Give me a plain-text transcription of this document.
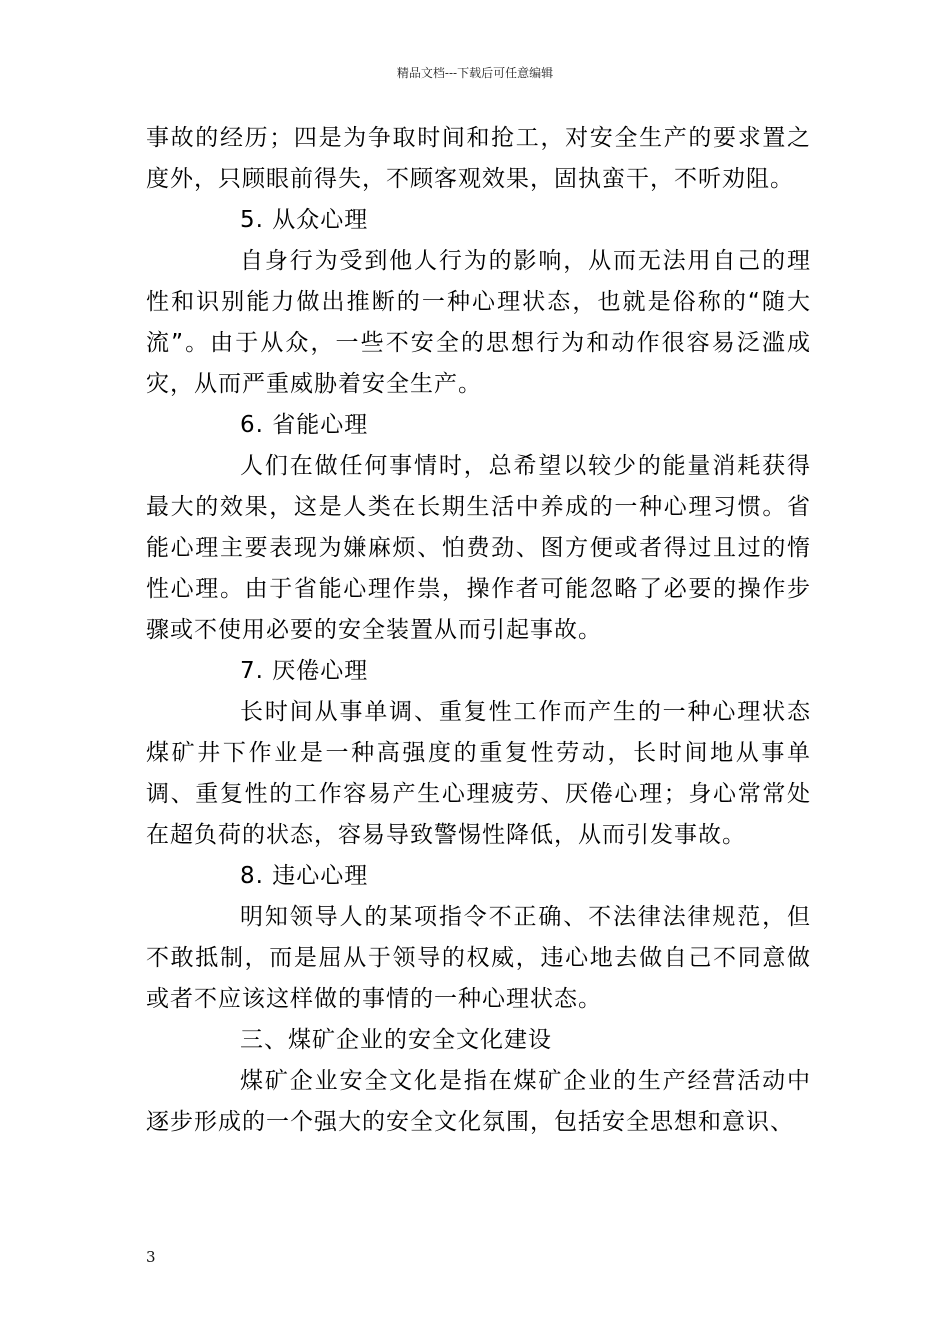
精品文档---下载后可任意编辑

事故的经历；四是为争取时间和抢工，对安全生产的要求置之度外，只顾眼前得失，不顾客观效果，固执蛮干，不听劝阻。

5. 从众心理

自身行为受到他人行为的影响，从而无法用自己的理性和识别能力做出推断的一种心理状态，也就是俗称的“随大流”。由于从众，一些不安全的思想行为和动作很容易泛滥成灾，从而严重威胁着安全生产。

6. 省能心理

人们在做任何事情时，总希望以较少的能量消耗获得最大的效果，这是人类在长期生活中养成的一种心理习惯。省能心理主要表现为嫌麻烦、怕费劲、图方便或者得过且过的惰性心理。由于省能心理作祟，操作者可能忽略了必要的操作步骤或不使用必要的安全装置从而引起事故。

7. 厌倦心理

长时间从事单调、重复性工作而产生的一种心理状态煤矿井下作业是一种高强度的重复性劳动，长时间地从事单调、重复性的工作容易产生心理疲劳、厌倦心理；身心常常处在超负荷的状态，容易导致警惕性降低，从而引发事故。

8. 违心心理

明知领导人的某项指令不正确、不法律法律规范，但不敢抵制，而是屈从于领导的权威，违心地去做自己不同意做或者不应该这样做的事情的一种心理状态。

三、煤矿企业的安全文化建设

煤矿企业安全文化是指在煤矿企业的生产经营活动中逐步形成的一个强大的安全文化氛围，包括安全思想和意识、

3
